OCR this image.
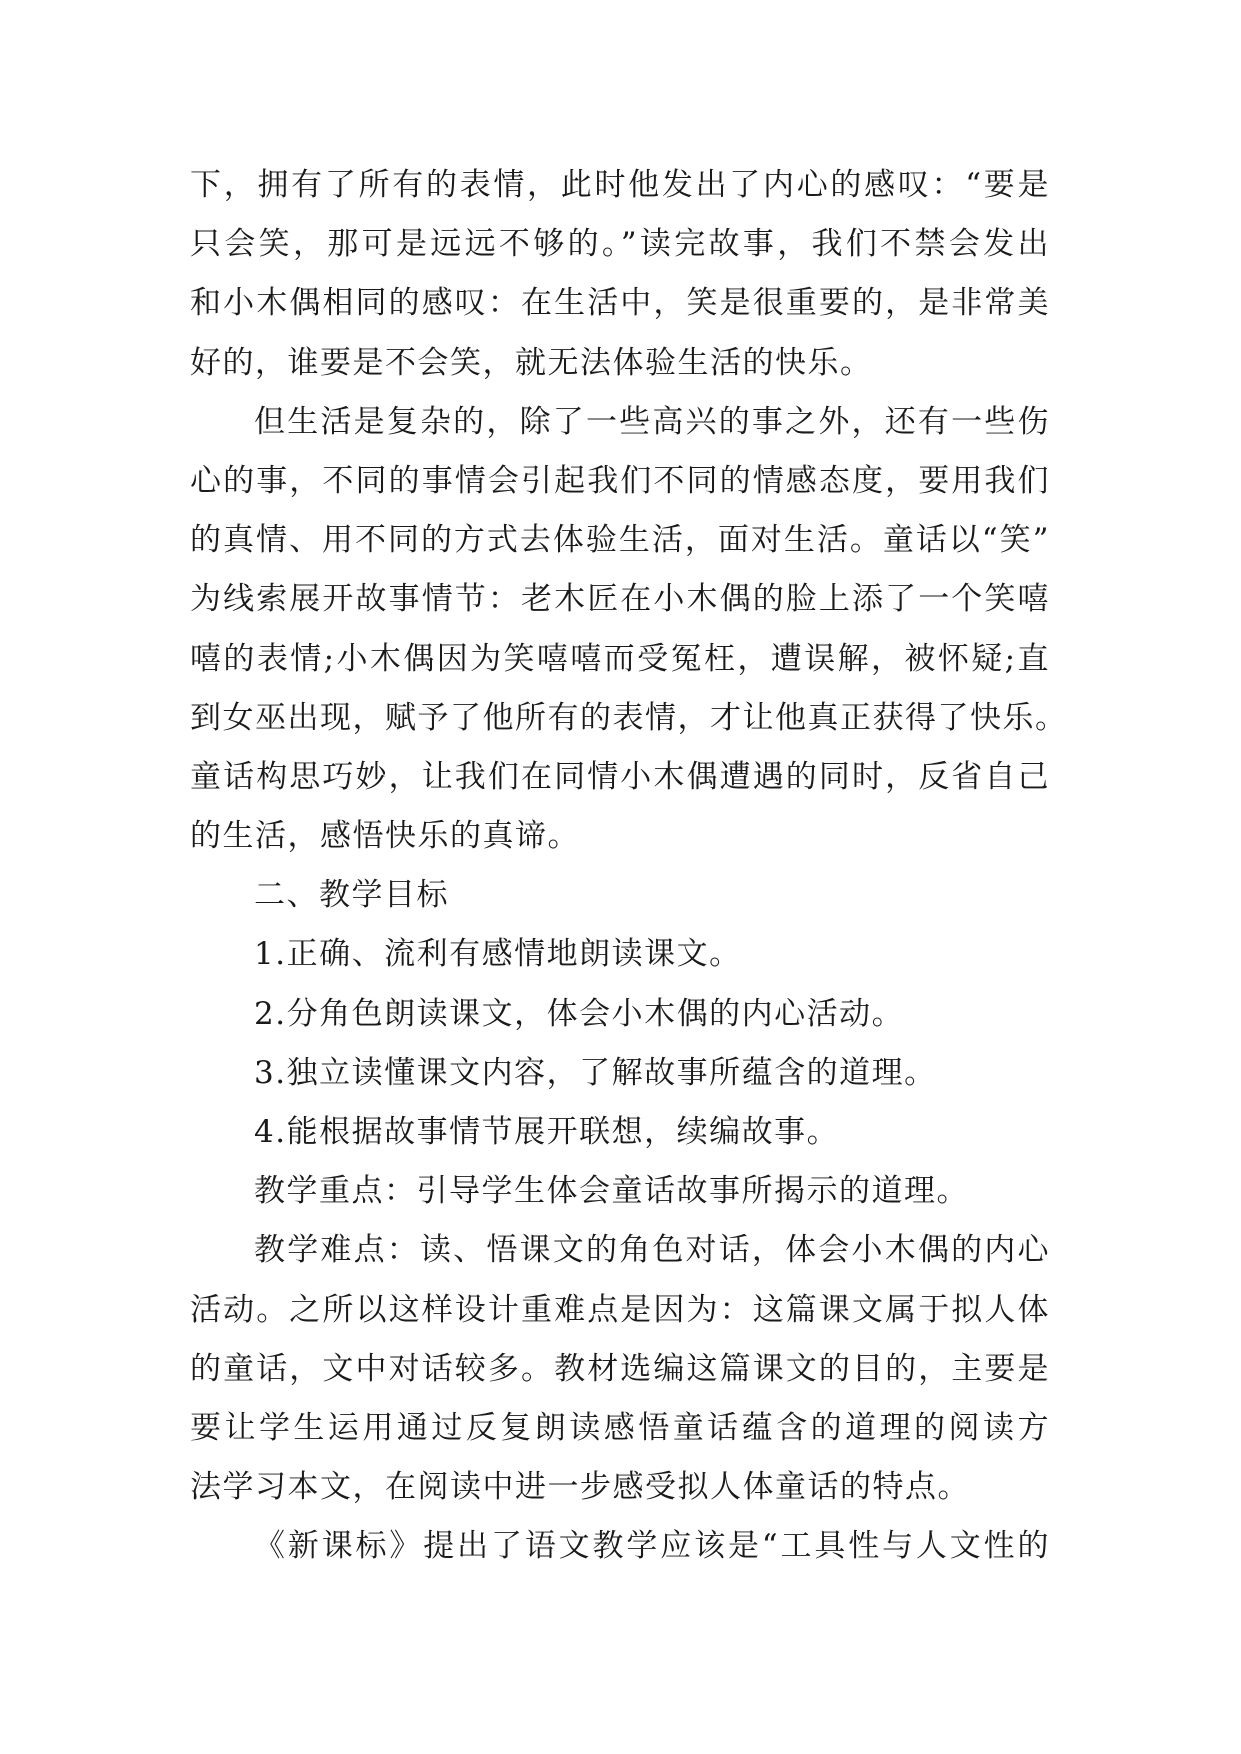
下，拥有了所有的表情，此时他发出了内心的感叹：“要是
只会笑，那可是远远不够的。”读完故事，我们不禁会发出
和小木偶相同的感叹：在生活中，笑是很重要的，是非常美
好的，谁要是不会笑，就无法体验生活的快乐。
但生活是复杂的，除了一些高兴的事之外，还有一些伤
心的事，不同的事情会引起我们不同的情感态度，要用我们
的真情、用不同的方式去体验生活，面对生活。童话以“笑”
为线索展开故事情节：老木匠在小木偶的脸上添了一个笑嘻
嘻的表情;小木偶因为笑嘻嘻而受冤枉，遭误解，被怀疑;直
到女巫出现，赋予了他所有的表情，才让他真正获得了快乐。
童话构思巧妙，让我们在同情小木偶遭遇的同时，反省自己
的生活，感悟快乐的真谛。
二、教学目标
1.正确、流利有感情地朗读课文。
2.分角色朗读课文，体会小木偶的内心活动。
3.独立读懂课文内容，了解故事所蕴含的道理。
4.能根据故事情节展开联想，续编故事。
教学重点：引导学生体会童话故事所揭示的道理。
教学难点：读、悟课文的角色对话，体会小木偶的内心
活动。之所以这样设计重难点是因为：这篇课文属于拟人体
的童话，文中对话较多。教材选编这篇课文的目的，主要是
要让学生运用通过反复朗读感悟童话蕴含的道理的阅读方
法学习本文，在阅读中进一步感受拟人体童话的特点。
《新课标》提出了语文教学应该是“工具性与人文性的
